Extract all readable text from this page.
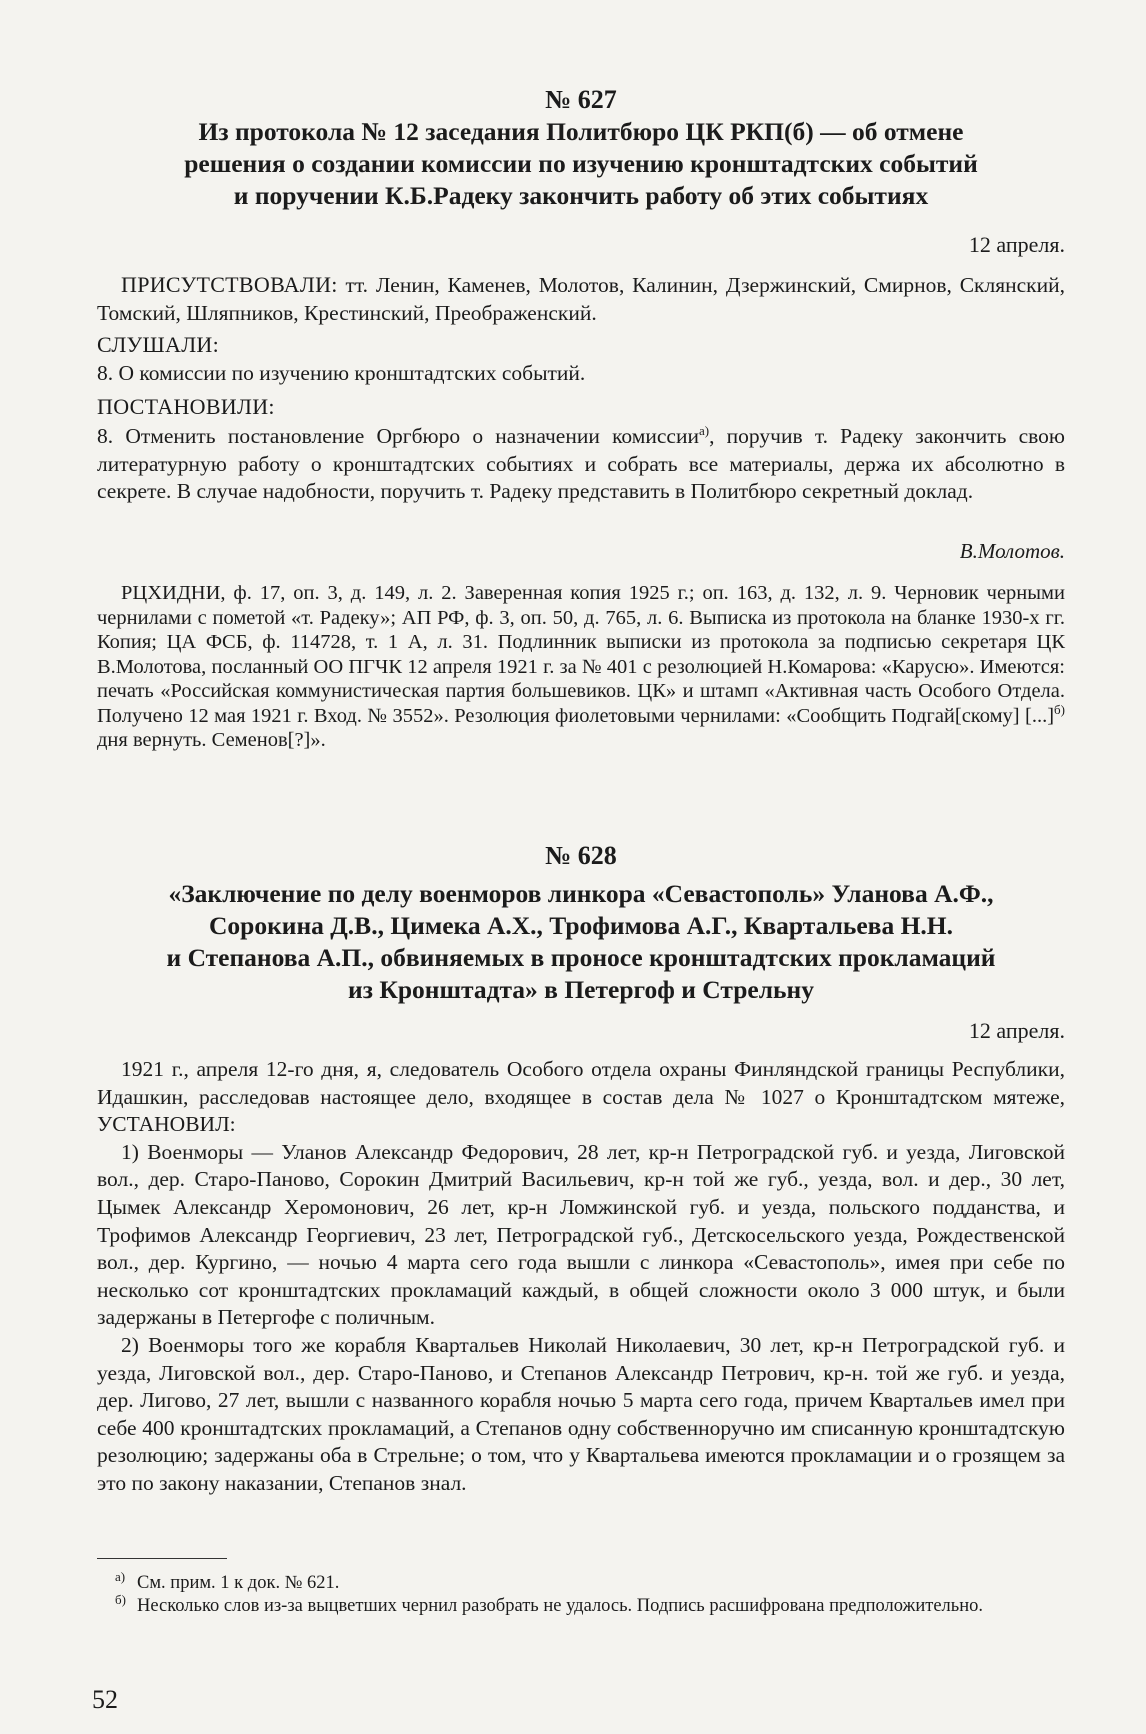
№ 627
Из протокола № 12 заседания Политбюро ЦК РКП(б) — об отмене
решения о создании комиссии по изучению кронштадтских событий
и поручении К.Б.Радеку закончить работу об этих событиях
12 апреля.

ПРИСУТСТВОВАЛИ: тт. Ленин, Каменев, Молотов, Калинин, Дзержинский, Смирнов, Склянский, Томский, Шляпников, Крестинский, Преображенский.

СЛУШАЛИ:
8. О комиссии по изучению кронштадтских событий.
ПОСТАНОВИЛИ:

8. Отменить постановление Оргбюро о назначении комиссии$^{а)}$, поручив т. Радеку закончить свою литературную работу о кронштадтских событиях и собрать все материалы, держа их абсолютно в секрете. В случае надобности, поручить т. Радеку представить в Политбюро секретный доклад.

В.Молотов.

РЦХИДНИ, ф. 17, оп. 3, д. 149, л. 2. Заверенная копия 1925 г.; оп. 163, д. 132, л. 9. Черновик черными чернилами с пометой «т. Радеку»; АП РФ, ф. 3, оп. 50, д. 765, л. 6. Выписка из протокола на бланке 1930-х гг. Копия; ЦА ФСБ, ф. 114728, т. 1 А, л. 31. Подлинник выписки из протокола за подписью секретаря ЦК В.Молотова, посланный ОО ПГЧК 12 апреля 1921 г. за № 401 с резолюцией Н.Комарова: «Карусю». Имеются: печать «Российская коммунистическая партия большевиков. ЦК» и штамп «Активная часть Особого Отдела. Получено 12 мая 1921 г. Вход. № 3552». Резолюция фиолетовыми чернилами: «Сообщить Подгай[скому] [...]$^{б)}$ дня вернуть. Семенов[?]».

№ 628
«Заключение по делу военморов линкора «Севастополь» Уланова А.Ф.,
Сорокина Д.В., Цимека А.Х., Трофимова А.Г., Квартальева Н.Н.
и Степанова А.П., обвиняемых в проносе кронштадтских прокламаций
из Кронштадта» в Петергоф и Стрельну
12 апреля.

1921 г., апреля 12-го дня, я, следователь Особого отдела охраны Финляндской границы Республики, Идашкин, расследовав настоящее дело, входящее в состав дела № 1027 о Кронштадтском мятеже, УСТАНОВИЛ:

1) Военморы — Уланов Александр Федорович, 28 лет, кр-н Петроградской губ. и уезда, Лиговской вол., дер. Старо-Паново, Сорокин Дмитрий Васильевич, кр-н той же губ., уезда, вол. и дер., 30 лет, Цымек Александр Херомонович, 26 лет, кр-н Ломжинской губ. и уезда, польского подданства, и Трофимов Александр Георгиевич, 23 лет, Петроградской губ., Детскосельского уезда, Рождественской вол., дер. Кургино, — ночью 4 марта сего года вышли с линкора «Севастополь», имея при себе по несколько сот кронштадтских прокламаций каждый, в общей сложности около 3 000 штук, и были задержаны в Петергофе с поличным.

2) Военморы того же корабля Квартальев Николай Николаевич, 30 лет, кр-н Петроградской губ. и уезда, Лиговской вол., дер. Старо-Паново, и Степанов Александр Петрович, кр-н. той же губ. и уезда, дер. Лигово, 27 лет, вышли с названного корабля ночью 5 марта сего года, причем Квартальев имел при себе 400 кронштадтских прокламаций, а Степанов одну собственноручно им списанную кронштадтскую резолюцию; задержаны оба в Стрельне; о том, что у Квартальева имеются прокламации и о грозящем за это по закону наказании, Степанов знал.

$^{а)}$ См. прим. 1 к док. № 621.

$^{б)}$ Несколько слов из-за выцветших чернил разобрать не удалось. Подпись расшифрована предположительно.

52
